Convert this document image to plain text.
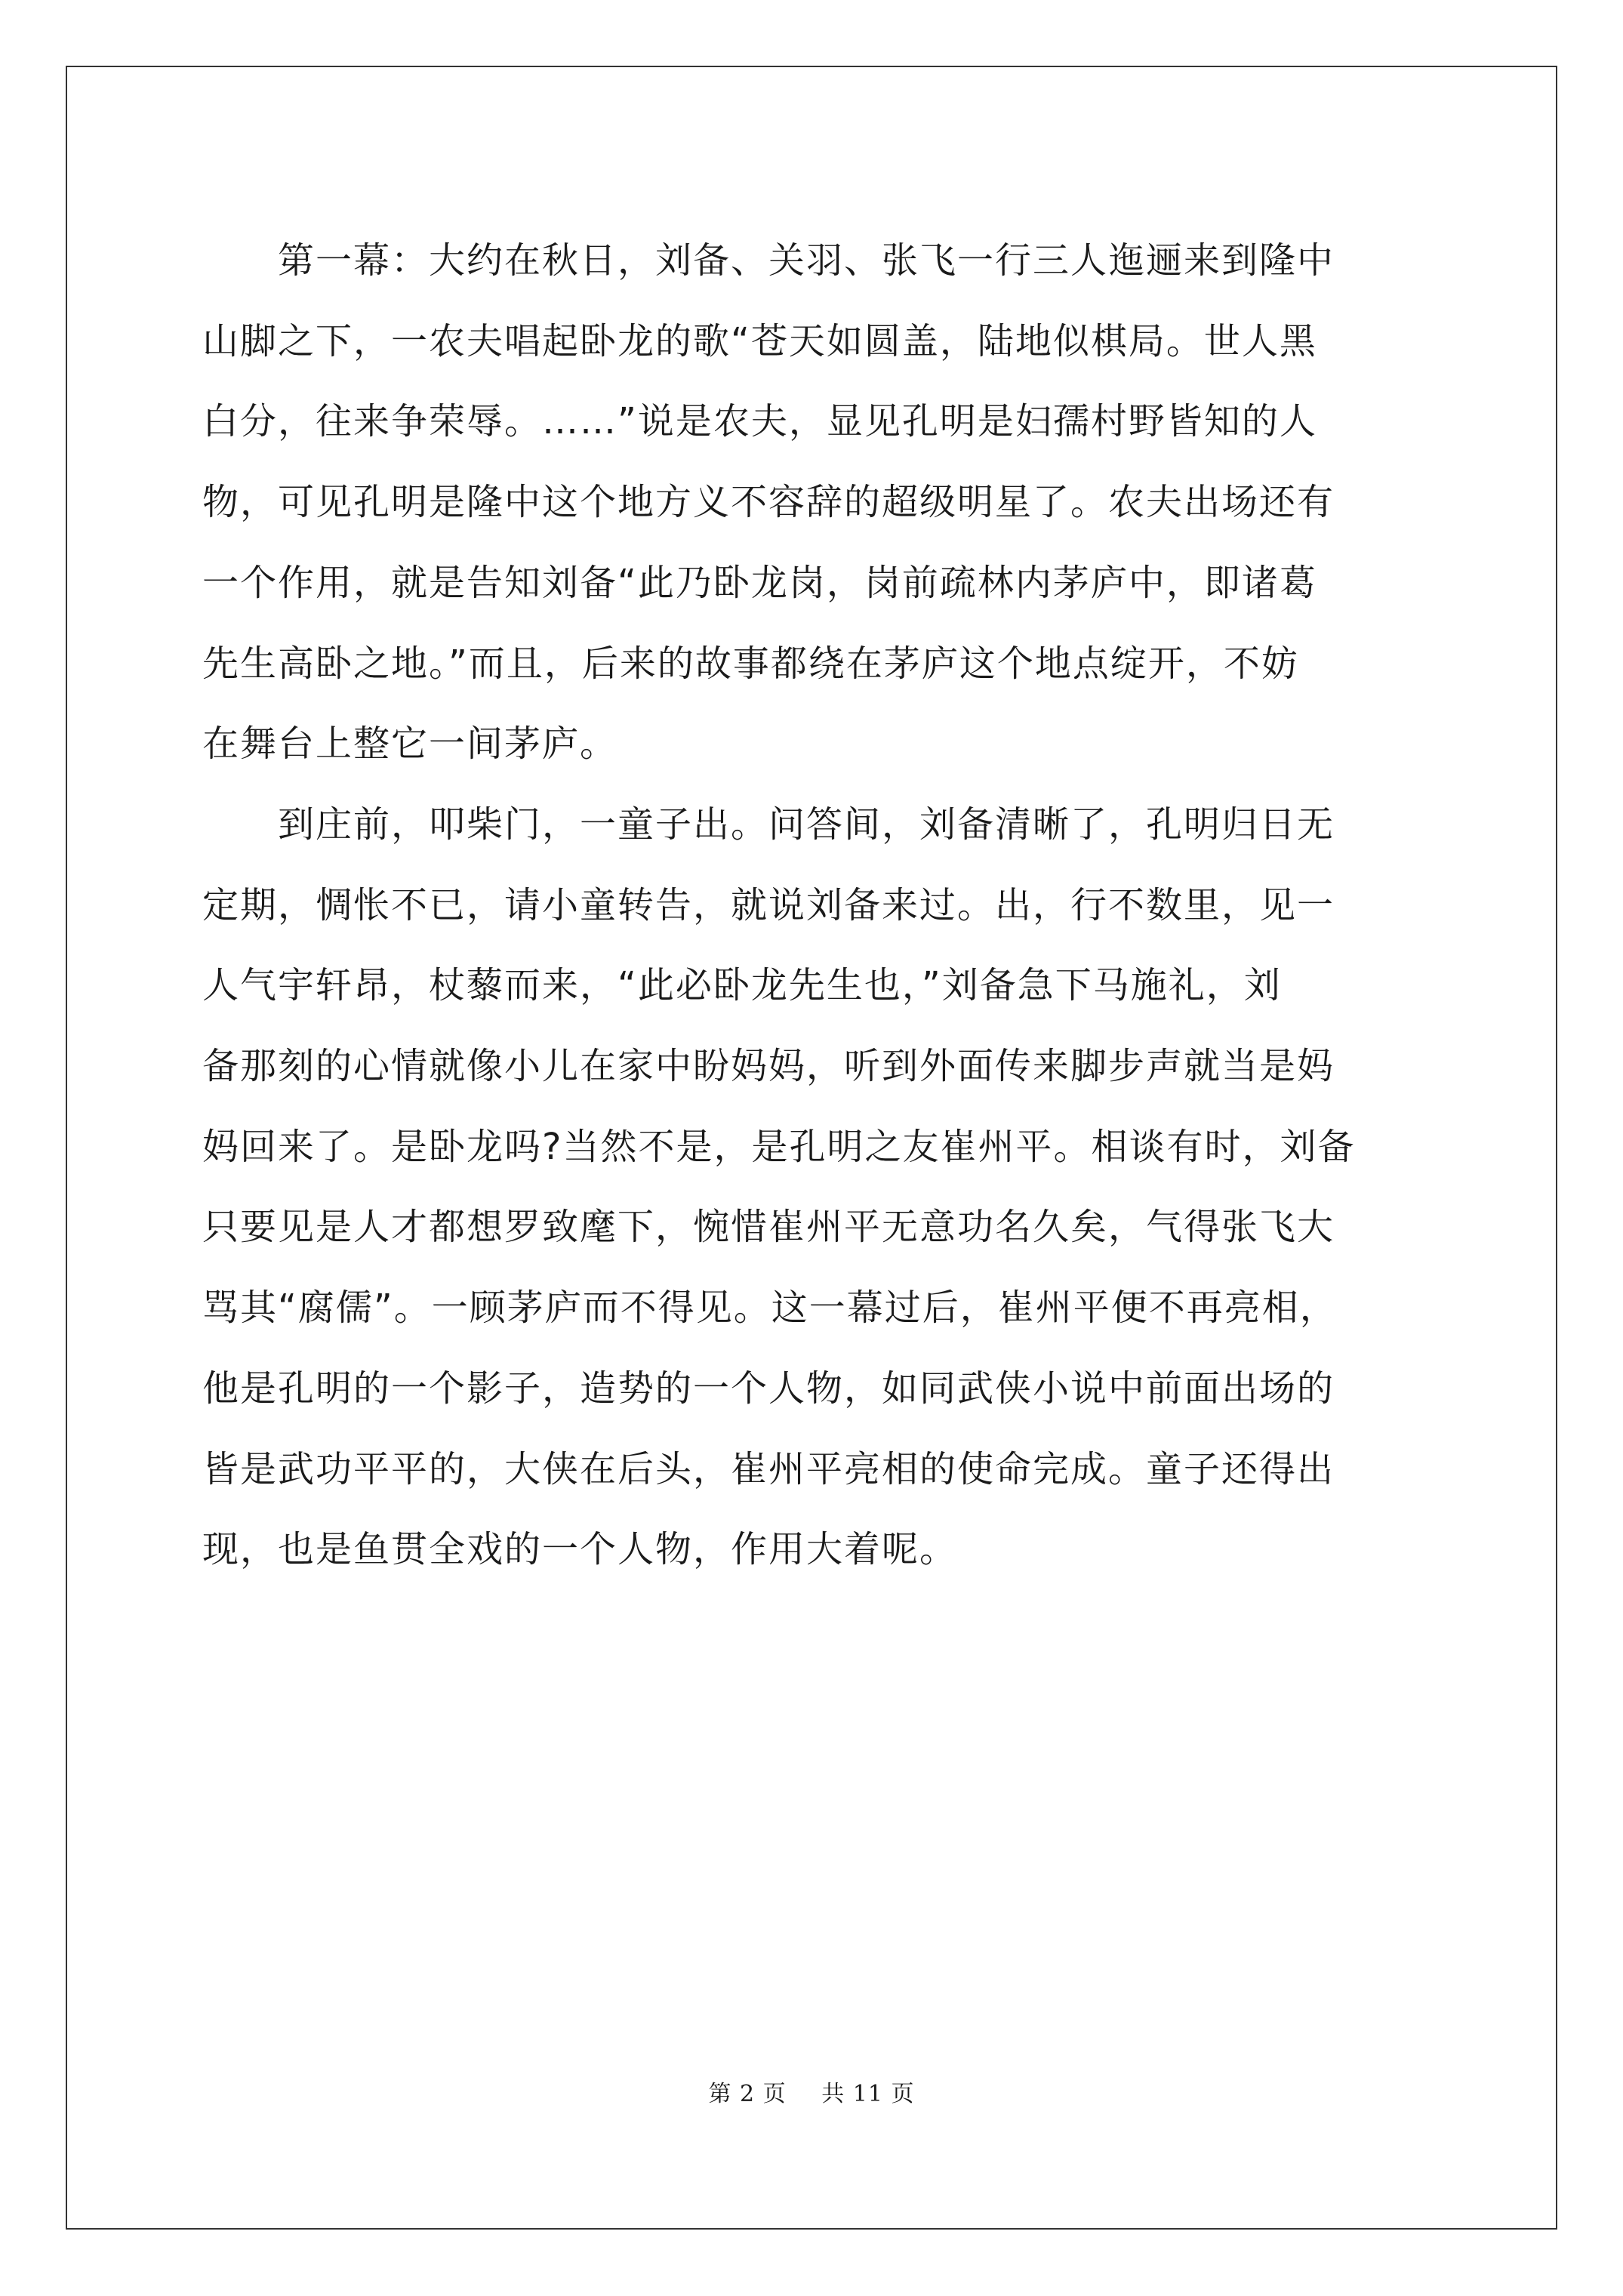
第一幕：大约在秋日，刘备、关羽、张飞一行三人迤逦来到隆中
山脚之下，一农夫唱起卧龙的歌“苍天如圆盖，陆地似棋局。世人黑
白分，往来争荣辱。……”说是农夫，显见孔明是妇孺村野皆知的人
物，可见孔明是隆中这个地方义不容辞的超级明星了。农夫出场还有
一个作用，就是告知刘备“此乃卧龙岗，岗前疏林内茅庐中，即诸葛
先生高卧之地。”而且，后来的故事都绕在茅庐这个地点绽开，不妨
在舞台上整它一间茅庐。

到庄前，叩柴门，一童子出。问答间，刘备清晰了，孔明归日无
定期，惆怅不已，请小童转告，就说刘备来过。出，行不数里，见一
人气宇轩昂，杖藜而来，“此必卧龙先生也，”刘备急下马施礼，刘
备那刻的心情就像小儿在家中盼妈妈，听到外面传来脚步声就当是妈
妈回来了。是卧龙吗?当然不是，是孔明之友崔州平。相谈有时，刘备
只要见是人才都想罗致麾下，惋惜崔州平无意功名久矣，气得张飞大
骂其“腐儒”。一顾茅庐而不得见。这一幕过后，崔州平便不再亮相，
他是孔明的一个影子，造势的一个人物，如同武侠小说中前面出场的
皆是武功平平的，大侠在后头，崔州平亮相的使命完成。童子还得出
现，也是鱼贯全戏的一个人物，作用大着呢。

第 2 页 共 11 页
